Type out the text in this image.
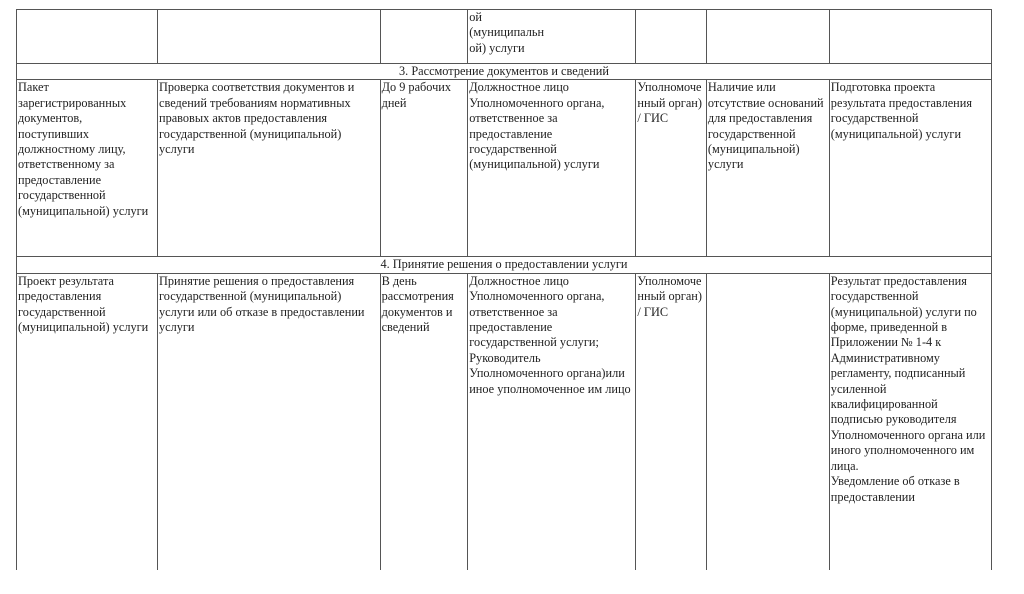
			ой
(муниципальн
ой) услуги			

3. Рассмотрение документов и сведений						
Пакет зарегистрированных документов, поступивших должностному лицу, ответственному за предоставление государственной (муниципальной) услуги	Проверка соответствия документов и сведений требованиям нормативных правовых актов предоставления государственной (муниципальной) услуги	До 9 рабочих дней	Должностное лицо Уполномоченного органа, ответственное за предоставление государственной (муниципальной) услуги	Уполномоченный орган) / ГИС	Наличие или отсутствие оснований для предоставления государственной (муниципальной) услуги	Подготовка проекта результата предоставления государственной (муниципальной) услуги
4. Принятие решения о предоставлении услуги						
Проект результата предоставления государственной (муниципальной) услуги	Принятие решения о предоставления государственной (муниципальной) услуги или об отказе в предоставлении услуги	В день рассмотрения документов и сведений	Должностное лицо Уполномоченного органа, ответственное за предоставление государственной услуги; Руководитель Уполномоченного органа)или иное уполномоченное им лицо	Уполномоченный орган) / ГИС		Результат предоставления государственной (муниципальной) услуги по форме, приведенной в Приложении № 1-4 к Административному регламенту, подписанный усиленной квалифицированной подписью руководителя Уполномоченного органа или иного уполномоченного им лица.
Уведомление об отказе в предоставлении
